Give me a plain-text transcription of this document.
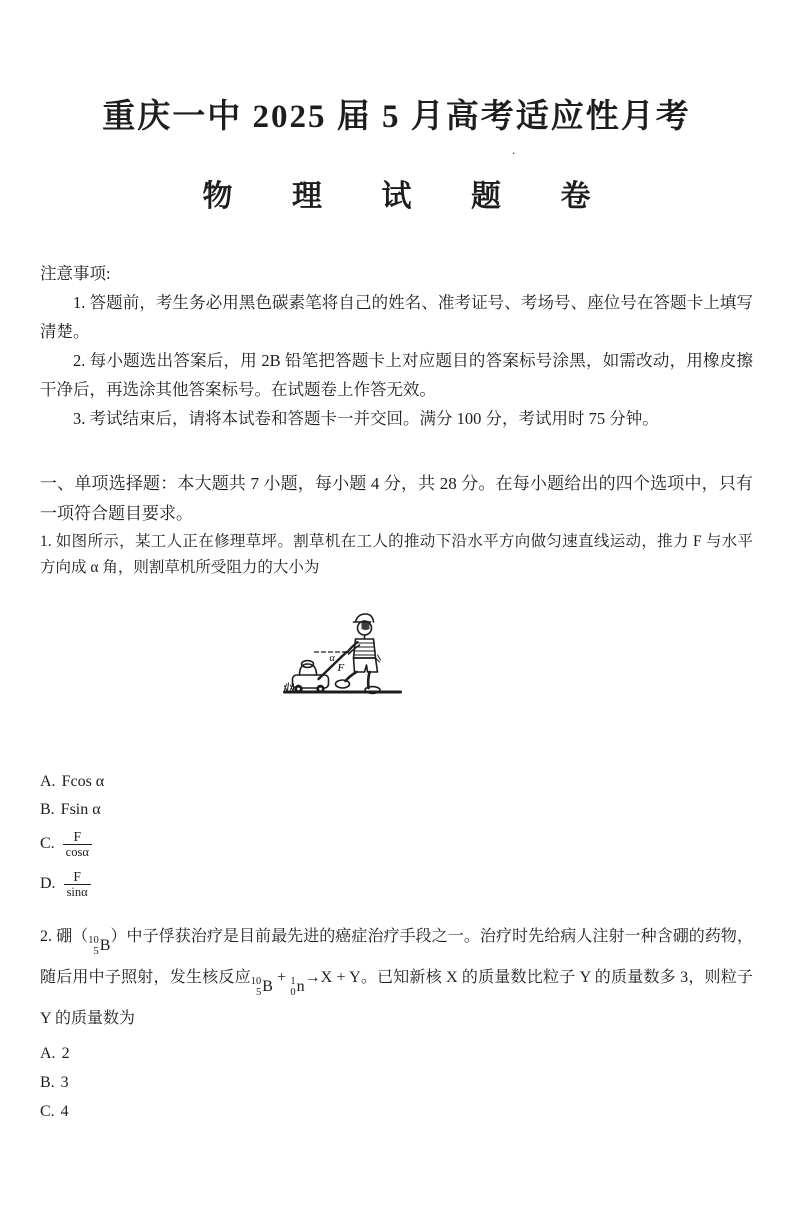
.
重庆一中 2025 届 5 月高考适应性月考
物 理 试 题 卷
注意事项:

1. 答题前，考生务必用黑色碳素笔将自己的姓名、准考证号、考场号、座位号在答题卡上填写清楚。

2. 每小题选出答案后，用 2B 铅笔把答题卡上对应题目的答案标号涂黑，如需改动，用橡皮擦干净后，再选涂其他答案标号。在试题卷上作答无效。

3. 考试结束后，请将本试卷和答题卡一并交回。满分 100 分，考试用时 75 分钟。

一、单项选择题：本大题共 7 小题，每小题 4 分，共 28 分。在每小题给出的四个选项中，只有一项符合题目要求。

1. 如图所示，某工人正在修理草坪。割草机在工人的推动下沿水平方向做匀速直线运动，推力 F 与水平方向成 α 角，则割草机所受阻力的大小为

α
F
A. Fcos α
B. Fsin α
C. $\frac{F}{\cos\alpha}$
D. $\frac{F}{\sin\alpha}$

2. 硼（ 10
5 B
）中子俘获治疗是目前最先进的癌症治疗手段之一。治疗时先给病人注射一种含硼的药物，随后用中子照射，发生核反应 10
5 B
+ 1
0 n
→X + Y。已知新核 X 的质量数比粒子 Y 的质量数多 3，则粒子 Y 的质量数为

A. 2
B. 3
C. 4
